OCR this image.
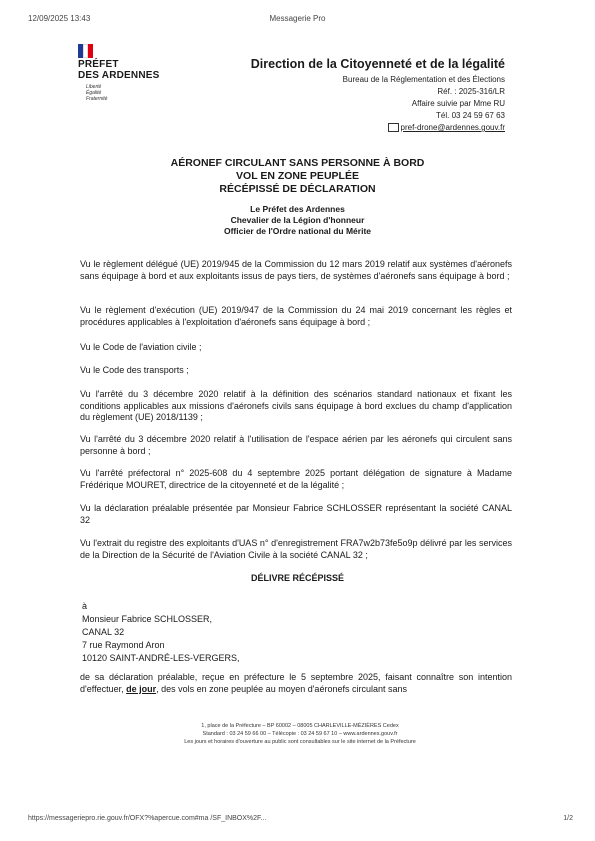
12/09/2025 13:43	Messagerie Pro
PRÉFET
DES ARDENNES
Liberté
Égalité
Fraternité
Direction de la Citoyenneté et de la légalité
Bureau de la Réglementation et des Élections
Réf. : 2025-316/LR
Affaire suivie par Mme RU
Tél. 03 24 59 67 63
pref-drone@ardennes.gouv.fr
AÉRONEF CIRCULANT SANS PERSONNE À BORD
VOL EN ZONE PEUPLÉE
RÉCÉPISSÉ DE DÉCLARATION
Le Préfet des Ardennes
Chevalier de la Légion d'honneur
Officier de l'Ordre national du Mérite
Vu le règlement délégué (UE) 2019/945 de la Commission du 12 mars 2019 relatif aux systèmes d'aéronefs sans équipage à bord et aux exploitants issus de pays tiers, de systèmes d'aéronefs sans équipage à bord ;
Vu le règlement d'exécution (UE) 2019/947 de la Commission du 24 mai 2019 concernant les règles et procédures applicables à l'exploitation d'aéronefs sans équipage à bord ;
Vu le Code de l'aviation civile ;
Vu le Code des transports ;
Vu l'arrêté du 3 décembre 2020 relatif à la définition des scénarios standard nationaux et fixant les conditions applicables aux missions d'aéronefs civils sans équipage à bord exclues du champ d'application du règlement (UE) 2018/1139 ;
Vu l'arrêté du 3 décembre 2020 relatif à l'utilisation de l'espace aérien par les aéronefs qui circulent sans personne à bord ;
Vu l'arrêté préfectoral n° 2025-608 du 4 septembre 2025 portant délégation de signature à Madame Frédérique MOURET, directrice de la citoyenneté et de la légalité ;
Vu la déclaration préalable présentée par Monsieur Fabrice SCHLOSSER représentant la société CANAL 32
Vu l'extrait du registre des exploitants d'UAS n° d'enregistrement FRA7w2b73fe5o9p délivré par les services de la Direction de la Sécurité de l'Aviation Civile à la société CANAL 32 ;
DÉLIVRE RÉCÉPISSÉ
à
Monsieur Fabrice SCHLOSSER,
CANAL 32
7 rue Raymond Aron
10120 SAINT-ANDRÉ-LES-VERGERS,
de sa déclaration préalable, reçue en préfecture le 5 septembre 2025, faisant connaître son intention d'effectuer, de jour, des vols en zone peuplée au moyen d'aéronefs circulant sans
1, place de la Préfecture – BP 60002 – 08005 CHARLEVILLE-MÉZIÈRES Cedex
Standard : 03 24 59 66 00 – Télécopie : 03 24 59 67 10 – www.ardennes.gouv.fr
Les jours et horaires d'ouverture au public sont consultables sur le site internet de la Préfecture
https://messageriepro.rie.gouv.fr/OFX?%apercue.com#ma /SF_INBOX%2F...	1/2
